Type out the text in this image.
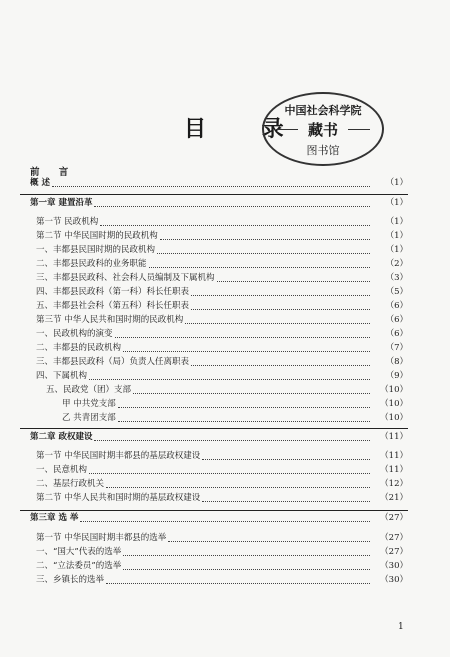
目 录
中国社会科学院
藏书
图书馆
前 言
概 述	（1）
第一章 建置沿革	（1）
第一节 民政机构	（1）
第二节 中华民国时期的民政机构	（1）
一、丰都县民国时期的民政机构	（1）
二、丰都县民政科的业务职能	（2）
三、丰都县民政科、社会科人员编制及下属机构	（3）
四、丰都县民政科（第一科）科长任职表	（5）
五、丰都县社会科（第五科）科长任职表	（6）
第三节 中华人民共和国时期的民政机构	（6）
一、民政机构的演变	（6）
二、丰都县的民政机构	（7）
三、丰都县民政科（局）负责人任离职表	（8）
四、下属机构	（9）
五、民政党（团）支部	（10）
甲 中共党支部	（10）
乙 共青团支部	（10）
第二章 政权建设	（11）
第一节 中华民国时期丰都县的基层政权建设	（11）
一、民意机构	（11）
二、基层行政机关	（12）
第二节 中华人民共和国时期的基层政权建设	（21）
第三章 选 举	（27）
第一节 中华民国时期丰都县的选举	（27）
一、“国大”代表的选举	（27）
二、“立法委员”的选举	（30）
三、乡镇长的选举	（30）
1
